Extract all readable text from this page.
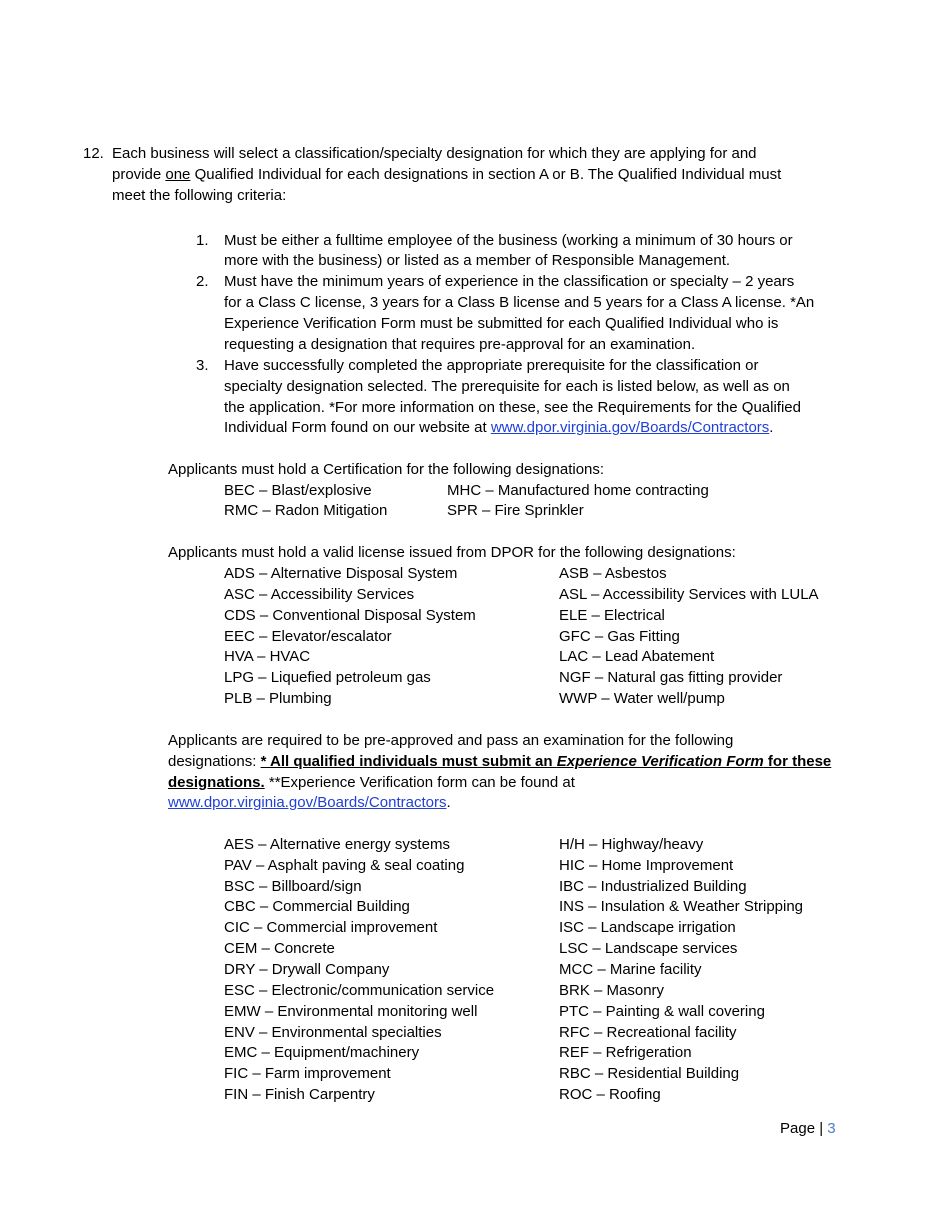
12. Each business will select a classification/specialty designation for which they are applying for and
provide one Qualified Individual for each designations in section A or B. The Qualified Individual must
meet the following criteria:
1. Must be either a fulltime employee of the business (working a minimum of 30 hours or
more with the business) or listed as a member of Responsible Management.
2. Must have the minimum years of experience in the classification or specialty – 2 years
for a Class C license, 3 years for a Class B license and 5 years for a Class A license. *An
Experience Verification Form must be submitted for each Qualified Individual who is
requesting a designation that requires pre-approval for an examination.
3. Have successfully completed the appropriate prerequisite for the classification or
specialty designation selected. The prerequisite for each is listed below, as well as on
the application. *For more information on these, see the Requirements for the Qualified
Individual Form found on our website at www.dpor.virginia.gov/Boards/Contractors.
Applicants must hold a Certification for the following designations:
BEC – Blast/explosive	MHC – Manufactured home contracting
RMC – Radon Mitigation	SPR – Fire Sprinkler
Applicants must hold a valid license issued from DPOR for the following designations:
ADS – Alternative Disposal System	ASB – Asbestos
ASC – Accessibility Services	ASL – Accessibility Services with LULA
CDS – Conventional Disposal System	ELE – Electrical
EEC – Elevator/escalator	GFC – Gas Fitting
HVA – HVAC	LAC – Lead Abatement
LPG – Liquefied petroleum gas	NGF – Natural gas fitting provider
PLB – Plumbing	WWP – Water well/pump
Applicants are required to be pre-approved and pass an examination for the following
designations: * All qualified individuals must submit an Experience Verification Form for these
designations. **Experience Verification form can be found at
www.dpor.virginia.gov/Boards/Contractors.
AES – Alternative energy systems	H/H – Highway/heavy
PAV – Asphalt paving & seal coating	HIC – Home Improvement
BSC – Billboard/sign	IBC – Industrialized Building
CBC – Commercial Building	INS – Insulation & Weather Stripping
CIC – Commercial improvement	ISC – Landscape irrigation
CEM – Concrete	LSC – Landscape services
DRY – Drywall Company	MCC – Marine facility
ESC – Electronic/communication service	BRK – Masonry
EMW – Environmental monitoring well	PTC – Painting & wall covering
ENV – Environmental specialties	RFC – Recreational facility
EMC – Equipment/machinery	REF – Refrigeration
FIC – Farm improvement	RBC – Residential Building
FIN – Finish Carpentry	ROC – Roofing
Page | 3
